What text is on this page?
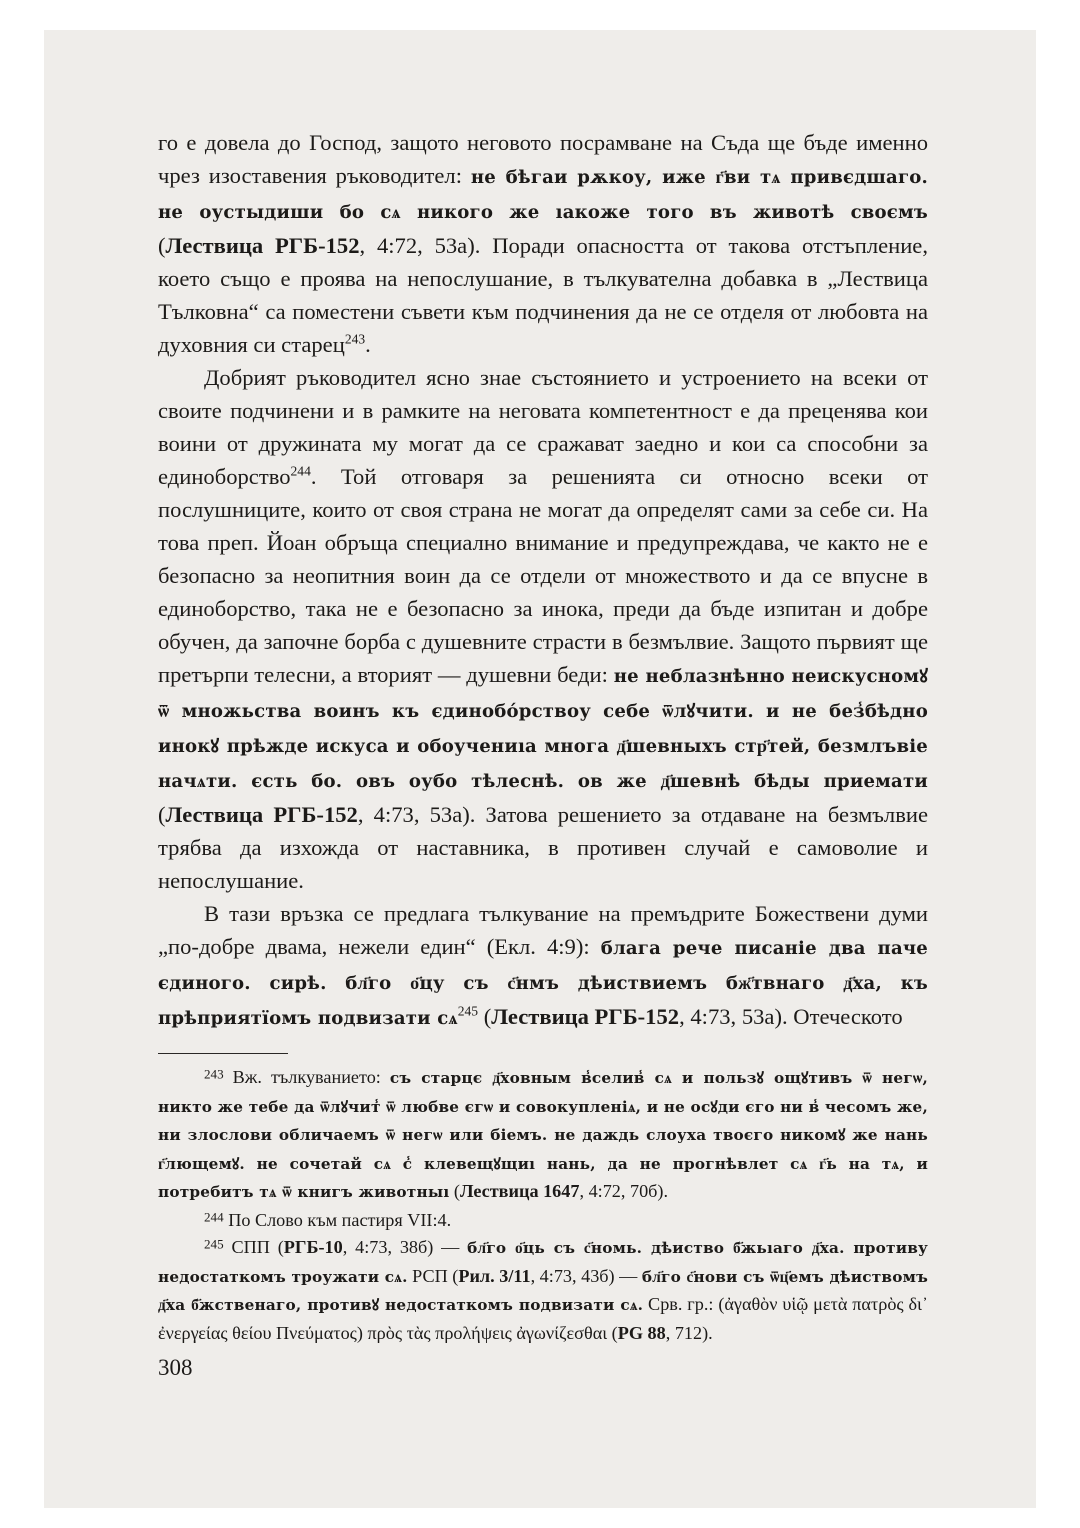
го е довела до Господ, защото неговото посрамване на Съда ще бъде именно чрез изоставения ръководител: не бѣгаи рѫкоу, иже г҃ви тѧ привєдшаго. не оустыдиши бо сѧ никого же ıакоже того въ животѣ своємъ (Лествица РГБ-152, 4:72, 53а). Поради опасността от такова отстъпление, което също е проява на непослушание, в тълкувателна добавка в „Лествица Тълковна“ са поместени съвети към подчинения да не се отделя от любовта на духовния си старец$^{243}$.

Добрият ръководител ясно знае състоянието и устроението на всеки от своите подчинени и в рамките на неговата компетентност е да преценява кои воини от дружината му могат да се сражават заедно и кои са способни за единоборство$^{244}$. Той отговаря за решенията си относно всеки от послушниците, които от своя страна не могат да определят сами за себе си. На това преп. Йоан обръща специално внимание и предупреждава, че както не е безопасно за неопитния воин да се отдели от множеството и да се впусне в единоборство, така не е безопасно за инока, преди да бъде изпитан и добре обучен, да започне борба с душевните страсти в безмълвие. Защото първият ще претърпи телесни, а вторият — душевни беди: не неблазнѣнно неискусномꙋ ѿ множьства воинъ къ єдинобо́рствоу себе ѿлꙋчити. и не без̾бѣдно инокꙋ прѣжде искуса и обоучениıа многа д҃шевныхъ стр҃тей, безмлъвіе начѧти. єсть бо. овъ оубо тѣлеснѣ. ов же д҃шевнѣ бѣды приемати (Лествица РГБ-152, 4:73, 53а). Затова решението за отдаване на безмълвие трябва да изхожда от наставника, в противен случай е самоволие и непослушание.

В тази връзка се предлага тълкувание на премъдрите Божествени думи „по-добре двама, нежели един“ (Екл. 4:9): блага рече писаніе два паче єдиного. сирѣ. бл҃го о҃цу съ с҃нмъ дѣиствиемъ бж҃твнаго д҃ха, къ прѣприятïомъ подвизати $сѧ^{245}$ (Лествица РГБ-152, 4:73, 53а). Отеческото

$^{243}$ Вж. тълкуванието: съ старцє д҃ховным в̾селив̾ сѧ и пользꙋ ощꙋтивъ ѿ негѡ, никто же тебе да ѿлꙋчит̾ ѿ любве єгѡ и совокупленіѧ, и не осꙋди єго ни в̾ чесомъ же, ни злослови обличаемъ ѿ негѡ или біемъ. не даждь слоуха твоєго никомꙋ же нань г҃лющемꙋ. не сочетай сѧ с̾ клевещꙋщиı нань, да не прогнѣвлет сѧ г҃ь на тѧ, и потребитъ тѧ ѿ книгъ животныı (Лествица 1647, 4:72, 70б).

$^{244}$ По Слово към пастиря VII:4.

$^{245}$ СПП (РГБ-10, 4:73, 38б) — бл҃го о҃ць съ с҃номь. дѣиство б҃жьıаго д҃ха. противу недостаткомъ троужати сѧ. РСП (Рил. 3/11, 4:73, 43б) — бл҃го с҃нови съ ѿц҃емъ дѣиствомъ д҃ха б҃жственаго, противꙋ недостаткомъ подвизати сѧ. Срв. гр.: (ἀγαθὸν υἱῷ μετὰ πατρὸς δι᾽ ἐνεργείας θείου Πνεύματος) πρὸς τὰς προλήψεις ἀγωνίζεσθαι (PG 88, 712).

308
